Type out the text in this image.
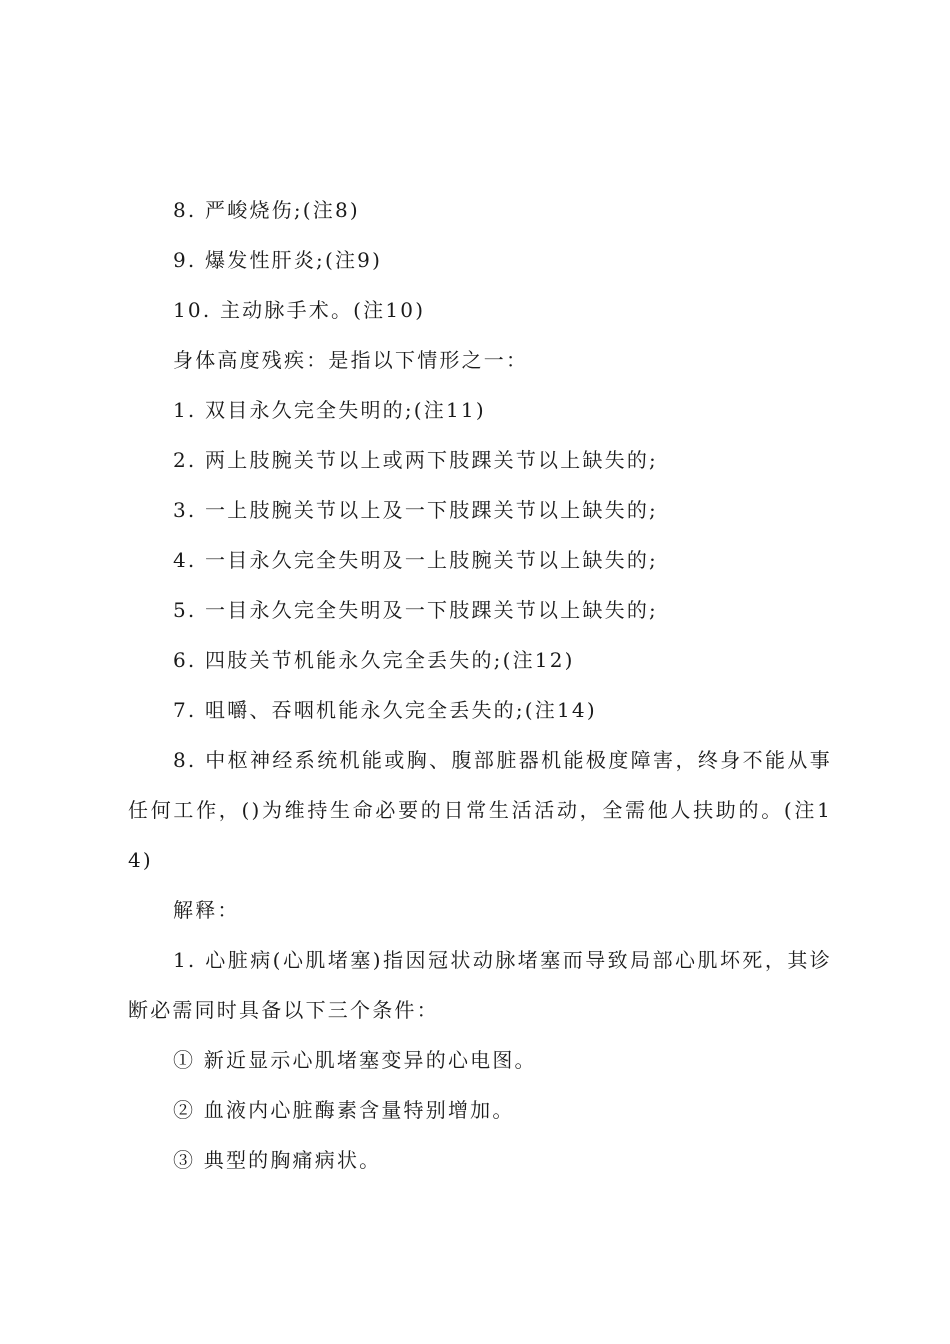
8. 严峻烧伤;(注8)
9. 爆发性肝炎;(注9)
10. 主动脉手术。(注10)
身体高度残疾：是指以下情形之一：
1. 双目永久完全失明的;(注11)
2. 两上肢腕关节以上或两下肢踝关节以上缺失的;
3. 一上肢腕关节以上及一下肢踝关节以上缺失的;
4. 一目永久完全失明及一上肢腕关节以上缺失的;
5. 一目永久完全失明及一下肢踝关节以上缺失的;
6. 四肢关节机能永久完全丢失的;(注12)
7. 咀嚼、吞咽机能永久完全丢失的;(注14)
8. 中枢神经系统机能或胸、腹部脏器机能极度障害，终身不能从事任何工作，()为维持生命必要的日常生活活动，全需他人扶助的。(注14)
解释：
1. 心脏病(心肌堵塞)指因冠状动脉堵塞而导致局部心肌坏死，其诊断必需同时具备以下三个条件：
① 新近显示心肌堵塞变异的心电图。
② 血液内心脏酶素含量特别增加。
③ 典型的胸痛病状。
